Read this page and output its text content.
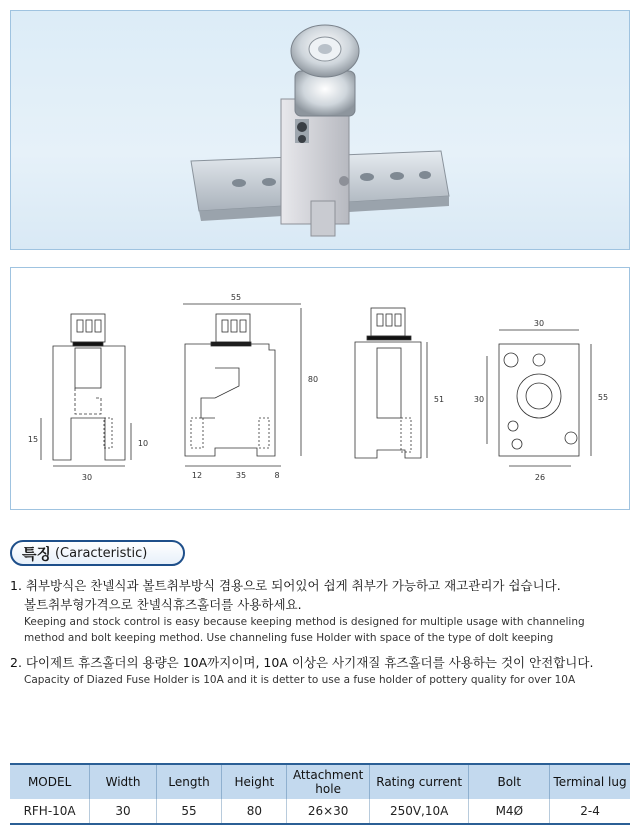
30
15	10
55
80
12	35	8
51
30
30	55
26
특징 (Caracteristic)
1. 취부방식은 찬넬식과 볼트취부방식 겸용으로 되어있어 쉽게 취부가 가능하고 재고관리가 쉽습니다.
볼트취부형가격으로 찬넬식휴즈홀더를 사용하세요.
Keeping and stock control is easy because keeping method is designed for multiple usage with channeling
method and bolt keeping method. Use channeling fuse Holder with space of the type of dolt keeping
2. 다이제트 휴즈홀더의 용량은 10A까지이며, 10A 이상은 사기재질 휴즈홀더를 사용하는 것이 안전합니다.
Capacity of Diazed Fuse Holder is 10A and it is detter to use a fuse holder of pottery quality for over 10A
MODEL	Width	Length	Height	Attachment hole	Rating current	Bolt	Terminal lug
RFH-10A	30	55	80	26×30	250V,10A	M4Ø	2-4
